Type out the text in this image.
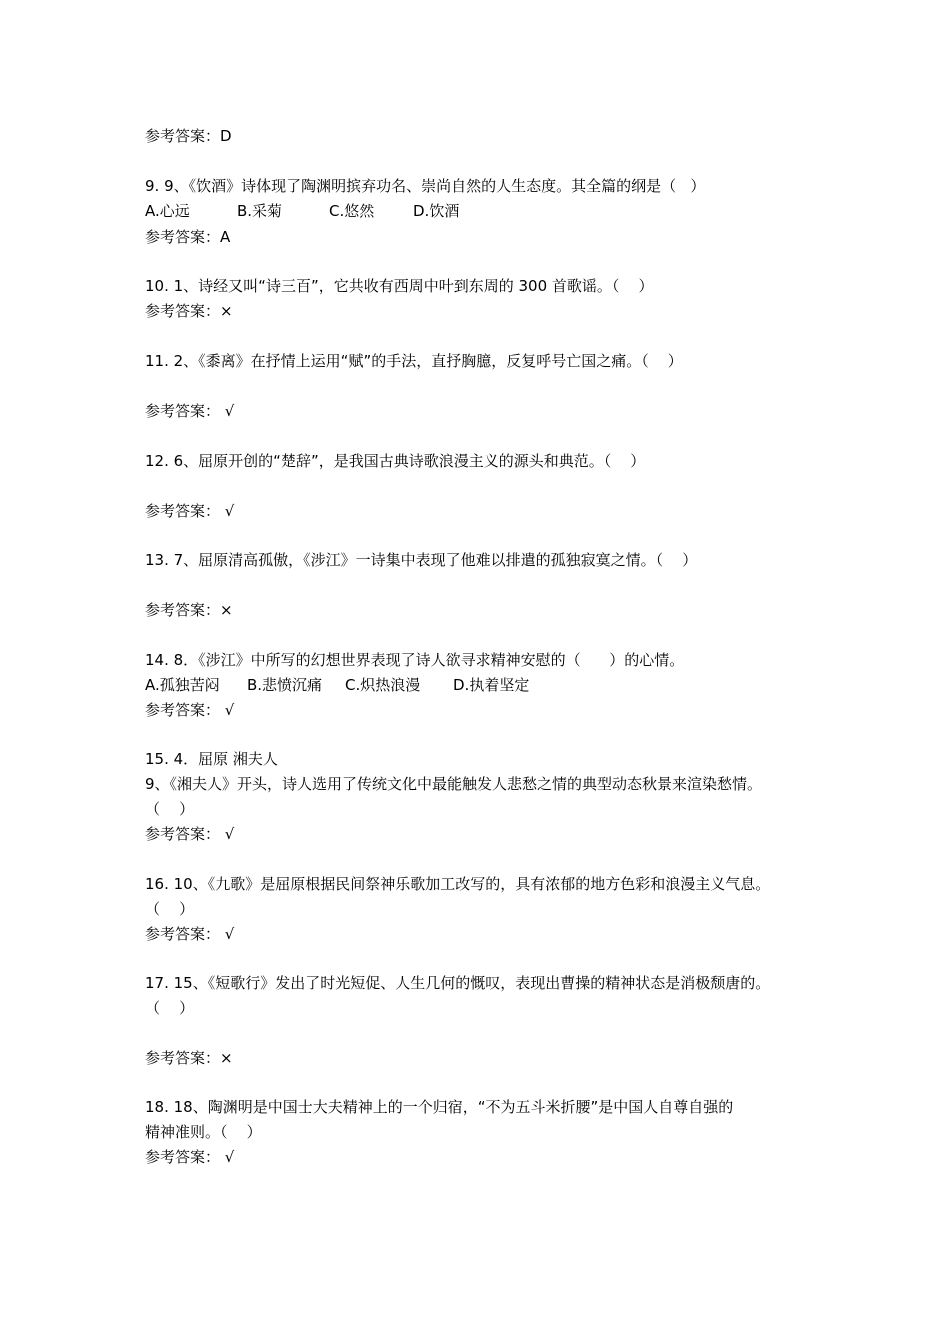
参考答案：D

9. 9、《饮酒》诗体现了陶渊明摈弃功名、崇尚自然的人生态度。其全篇的纲是（   ）

A.心远	B.采菊	C.悠然	D.饮酒

参考答案：A

10. 1、诗经又叫“诗三百”，它共收有西周中叶到东周的 300 首歌谣。（    ）

参考答案：×

11. 2、《黍离》在抒情上运用“赋”的手法，直抒胸臆，反复呼号亡国之痛。（    ）

参考答案： √

12. 6、屈原开创的“楚辞”，是我国古典诗歌浪漫主义的源头和典范。（    ）

参考答案： √

13. 7、屈原清高孤傲，《涉江》一诗集中表现了他难以排遣的孤独寂寞之情。（    ）

参考答案：×

14. 8．《涉江》中所写的幻想世界表现了诗人欲寻求精神安慰的（      ）的心情。

A.孤独苦闷	B.悲愤沉痛	C.炽热浪漫	D.执着坚定

参考答案： √

15. 4．屈原 湘夫人

9、《湘夫人》开头，诗人选用了传统文化中最能触发人悲愁之情的典型动态秋景来渲染愁情。

（    ）

参考答案： √

16. 10、《九歌》是屈原根据民间祭神乐歌加工改写的，具有浓郁的地方色彩和浪漫主义气息。

（    ）

参考答案： √

17. 15、《短歌行》发出了时光短促、人生几何的慨叹，表现出曹操的精神状态是消极颓唐的。

（    ）

参考答案：×

18. 18、陶渊明是中国士大夫精神上的一个归宿，“不为五斗米折腰”是中国人自尊自强的

精神准则。（    ）

参考答案： √
